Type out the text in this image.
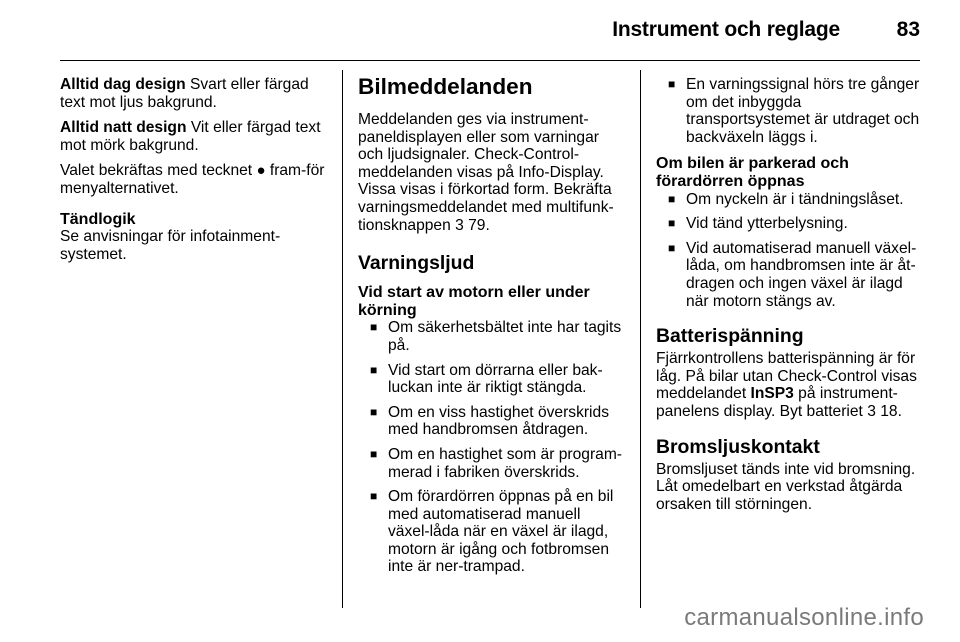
Instrument och reglage	83

Alltid dag design Svart eller färgad text mot ljus bakgrund.

Alltid natt design Vit eller färgad text mot mörk bakgrund.

Valet bekräftas med tecknet ● fram-för menyalternativet.

Tändlogik

Se anvisningar för infotainment-systemet.

Bilmeddelanden

Meddelanden ges via instrument-paneldisplayen eller som varningar och ljudsignaler. Check-Control-meddelanden visas på Info-Display. Vissa visas i förkortad form. Bekräfta varningsmeddelandet med multifunk-tionsknappen 3 79.

Varningsljud
Vid start av motorn eller under körning
■ Om säkerhetsbältet inte har tagits på.
■ Vid start om dörrarna eller bak-luckan inte är riktigt stängda.
■ Om en viss hastighet överskrids med handbromsen åtdragen.
■ Om en hastighet som är program-merad i fabriken överskrids.
■ Om förardörren öppnas på en bil med automatiserad manuell växel-låda när en växel är ilagd, motorn är igång och fotbromsen inte är ner-trampad.
■ En varningssignal hörs tre gånger om det inbyggda transportsystemet är utdraget och backväxeln läggs i.
Om bilen är parkerad och förardörren öppnas
■ Om nyckeln är i tändningslåset.
■ Vid tänd ytterbelysning.
■ Vid automatiserad manuell växel-låda, om handbromsen inte är åt-dragen och ingen växel är ilagd när motorn stängs av.
Batterispänning

Fjärrkontrollens batterispänning är för låg. På bilar utan Check-Control visas meddelandet InSP3 på instrument-panelens display. Byt batteriet 3 18.

Bromsljuskontakt

Bromsljuset tänds inte vid bromsning. Låt omedelbart en verkstad åtgärda orsaken till störningen.

carmanualsonline.info
